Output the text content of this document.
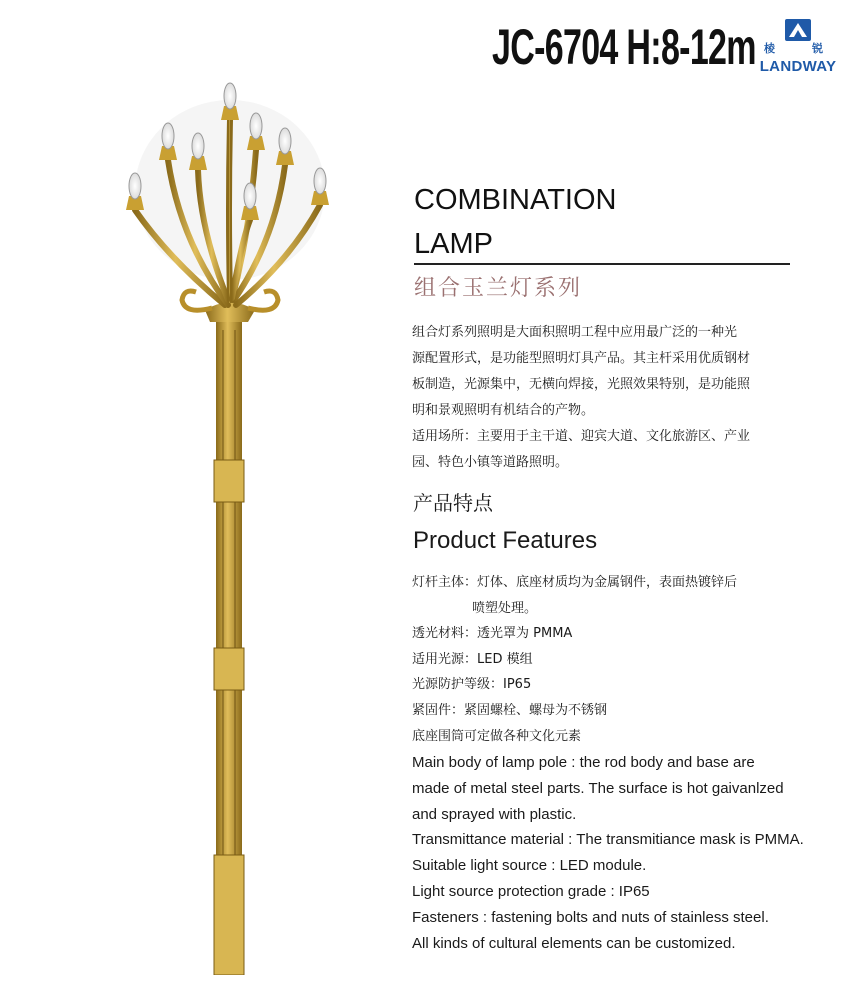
JC-6704 H:8-12m 棱	锐
LANDWAY
COMBINATION
LAMP
组合玉兰灯系列
组合灯系列照明是大面积照明工程中应用最广泛的一种光
源配置形式，是功能型照明灯具产品。其主杆采用优质钢材
板制造，光源集中，无横向焊接，光照效果特别，是功能照
明和景观照明有机结合的产物。
适用场所：主要用于主干道、迎宾大道、文化旅游区、产业
园、特色小镇等道路照明。
产品特点
Product Features
灯杆主体：灯体、底座材质均为金属钢件，表面热镀锌后
喷塑处理。
透光材料：透光罩为 PMMA
适用光源：LED 模组
光源防护等级：IP65
紧固件：紧固螺栓、螺母为不锈钢
底座围筒可定做各种文化元素
Main body of lamp pole : the rod body and base are
made of metal steel parts. The surface is hot gaivanlzed
and sprayed with plastic.
Transmittance material : The transmitiance mask is PMMA.
Suitable light source : LED module.
Light source protection grade : IP65
Fasteners : fastening bolts and nuts of stainless steel.
All kinds of cultural elements can be customized.
